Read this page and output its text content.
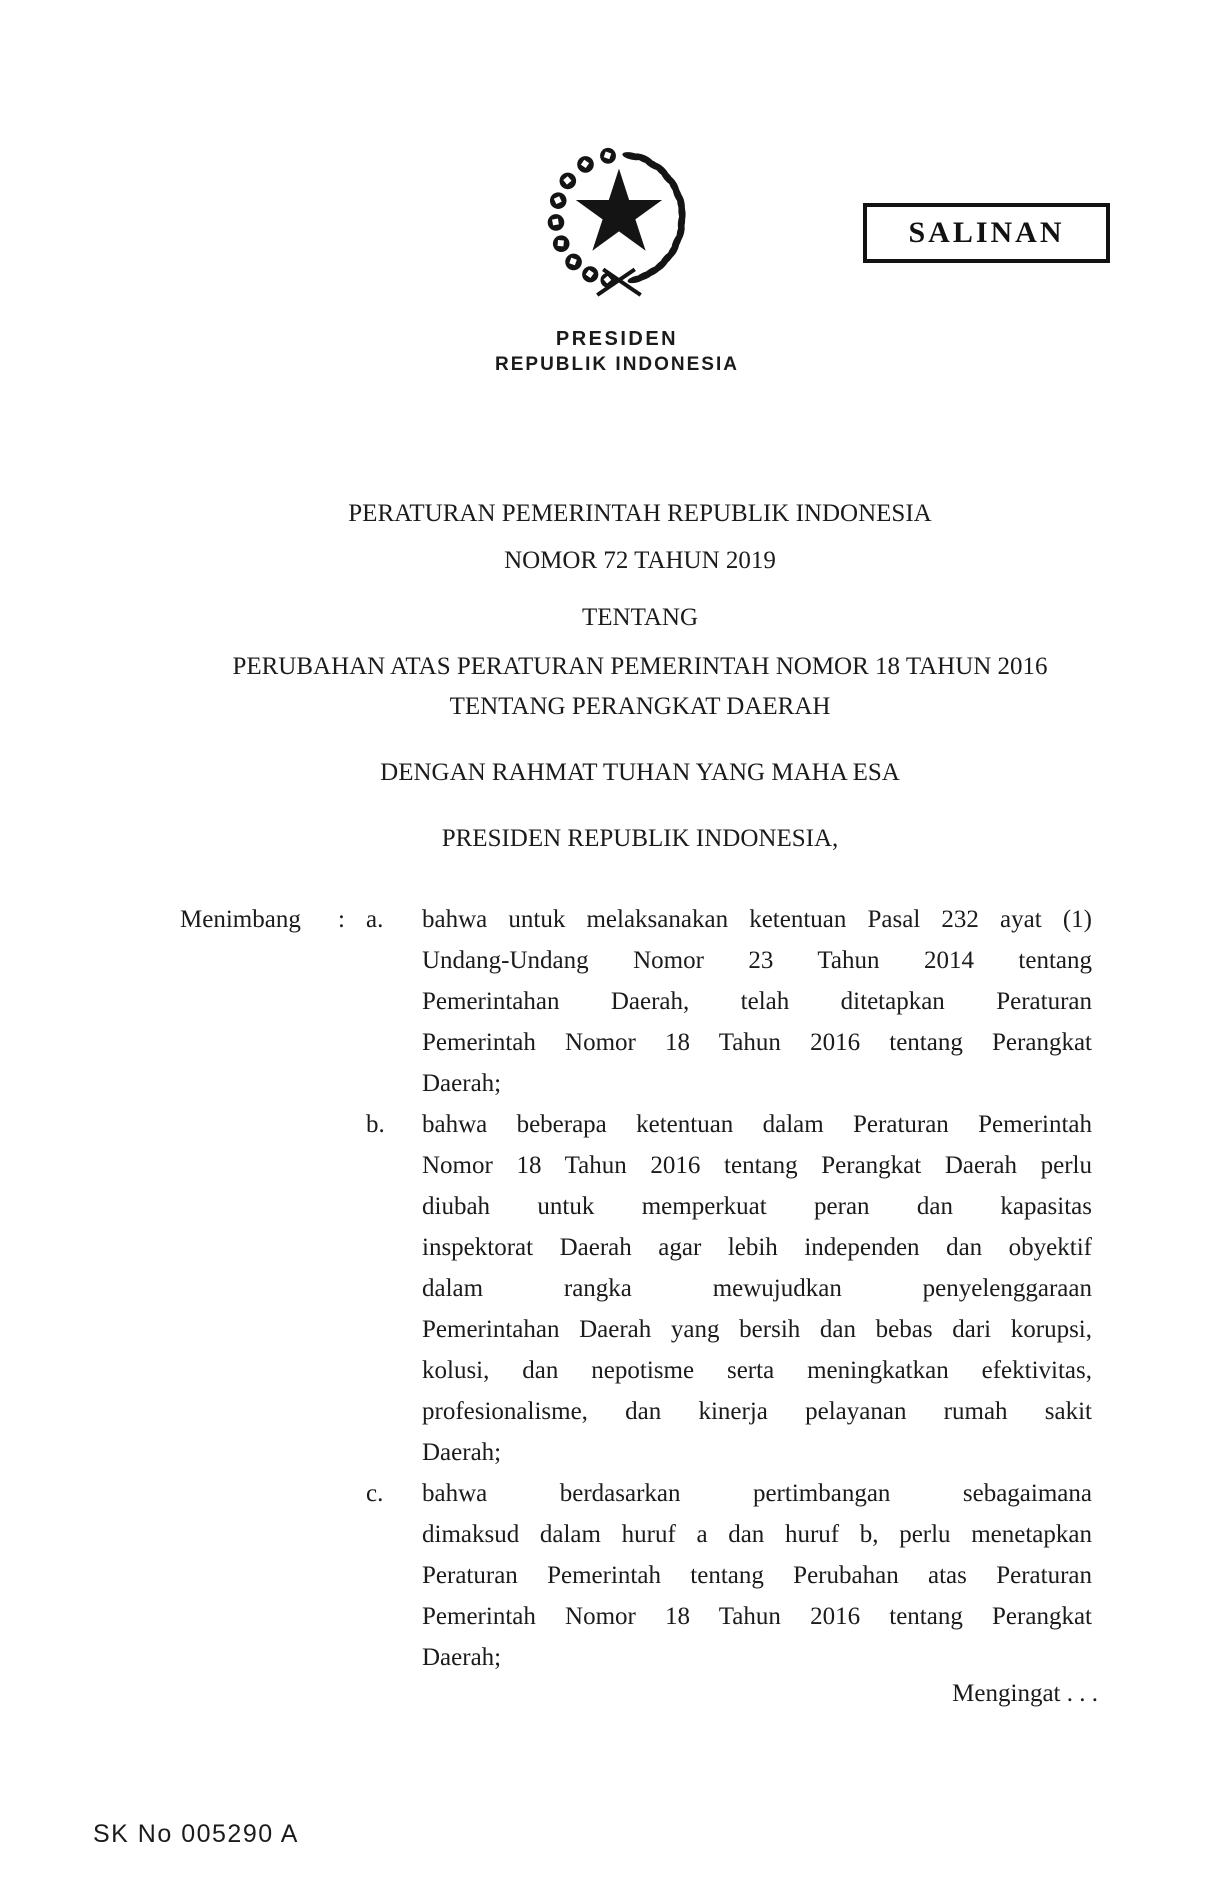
SALINAN
PRESIDEN
REPUBLIK INDONESIA
PERATURAN PEMERINTAH REPUBLIK INDONESIA
NOMOR 72 TAHUN 2019
TENTANG
PERUBAHAN ATAS PERATURAN PEMERINTAH NOMOR 18 TAHUN 2016
TENTANG PERANGKAT DAERAH
DENGAN RAHMAT TUHAN YANG MAHA ESA
PRESIDEN REPUBLIK INDONESIA,
Menimbang : a. bahwa untuk melaksanakan ketentuan Pasal 232 ayat (1)
Undang-Undang Nomor 23 Tahun 2014 tentang
Pemerintahan Daerah, telah ditetapkan Peraturan
Pemerintah Nomor 18 Tahun 2016 tentang Perangkat
Daerah;
b. bahwa beberapa ketentuan dalam Peraturan Pemerintah
Nomor 18 Tahun 2016 tentang Perangkat Daerah perlu
diubah untuk memperkuat peran dan kapasitas
inspektorat Daerah agar lebih independen dan obyektif
dalam rangka mewujudkan penyelenggaraan
Pemerintahan Daerah yang bersih dan bebas dari korupsi,
kolusi, dan nepotisme serta meningkatkan efektivitas,
profesionalisme, dan kinerja pelayanan rumah sakit
Daerah;
c. bahwa berdasarkan pertimbangan sebagaimana
dimaksud dalam huruf a dan huruf b, perlu menetapkan
Peraturan Pemerintah tentang Perubahan atas Peraturan
Pemerintah Nomor 18 Tahun 2016 tentang Perangkat
Daerah;
Mengingat . . .
SK No 005290 A
